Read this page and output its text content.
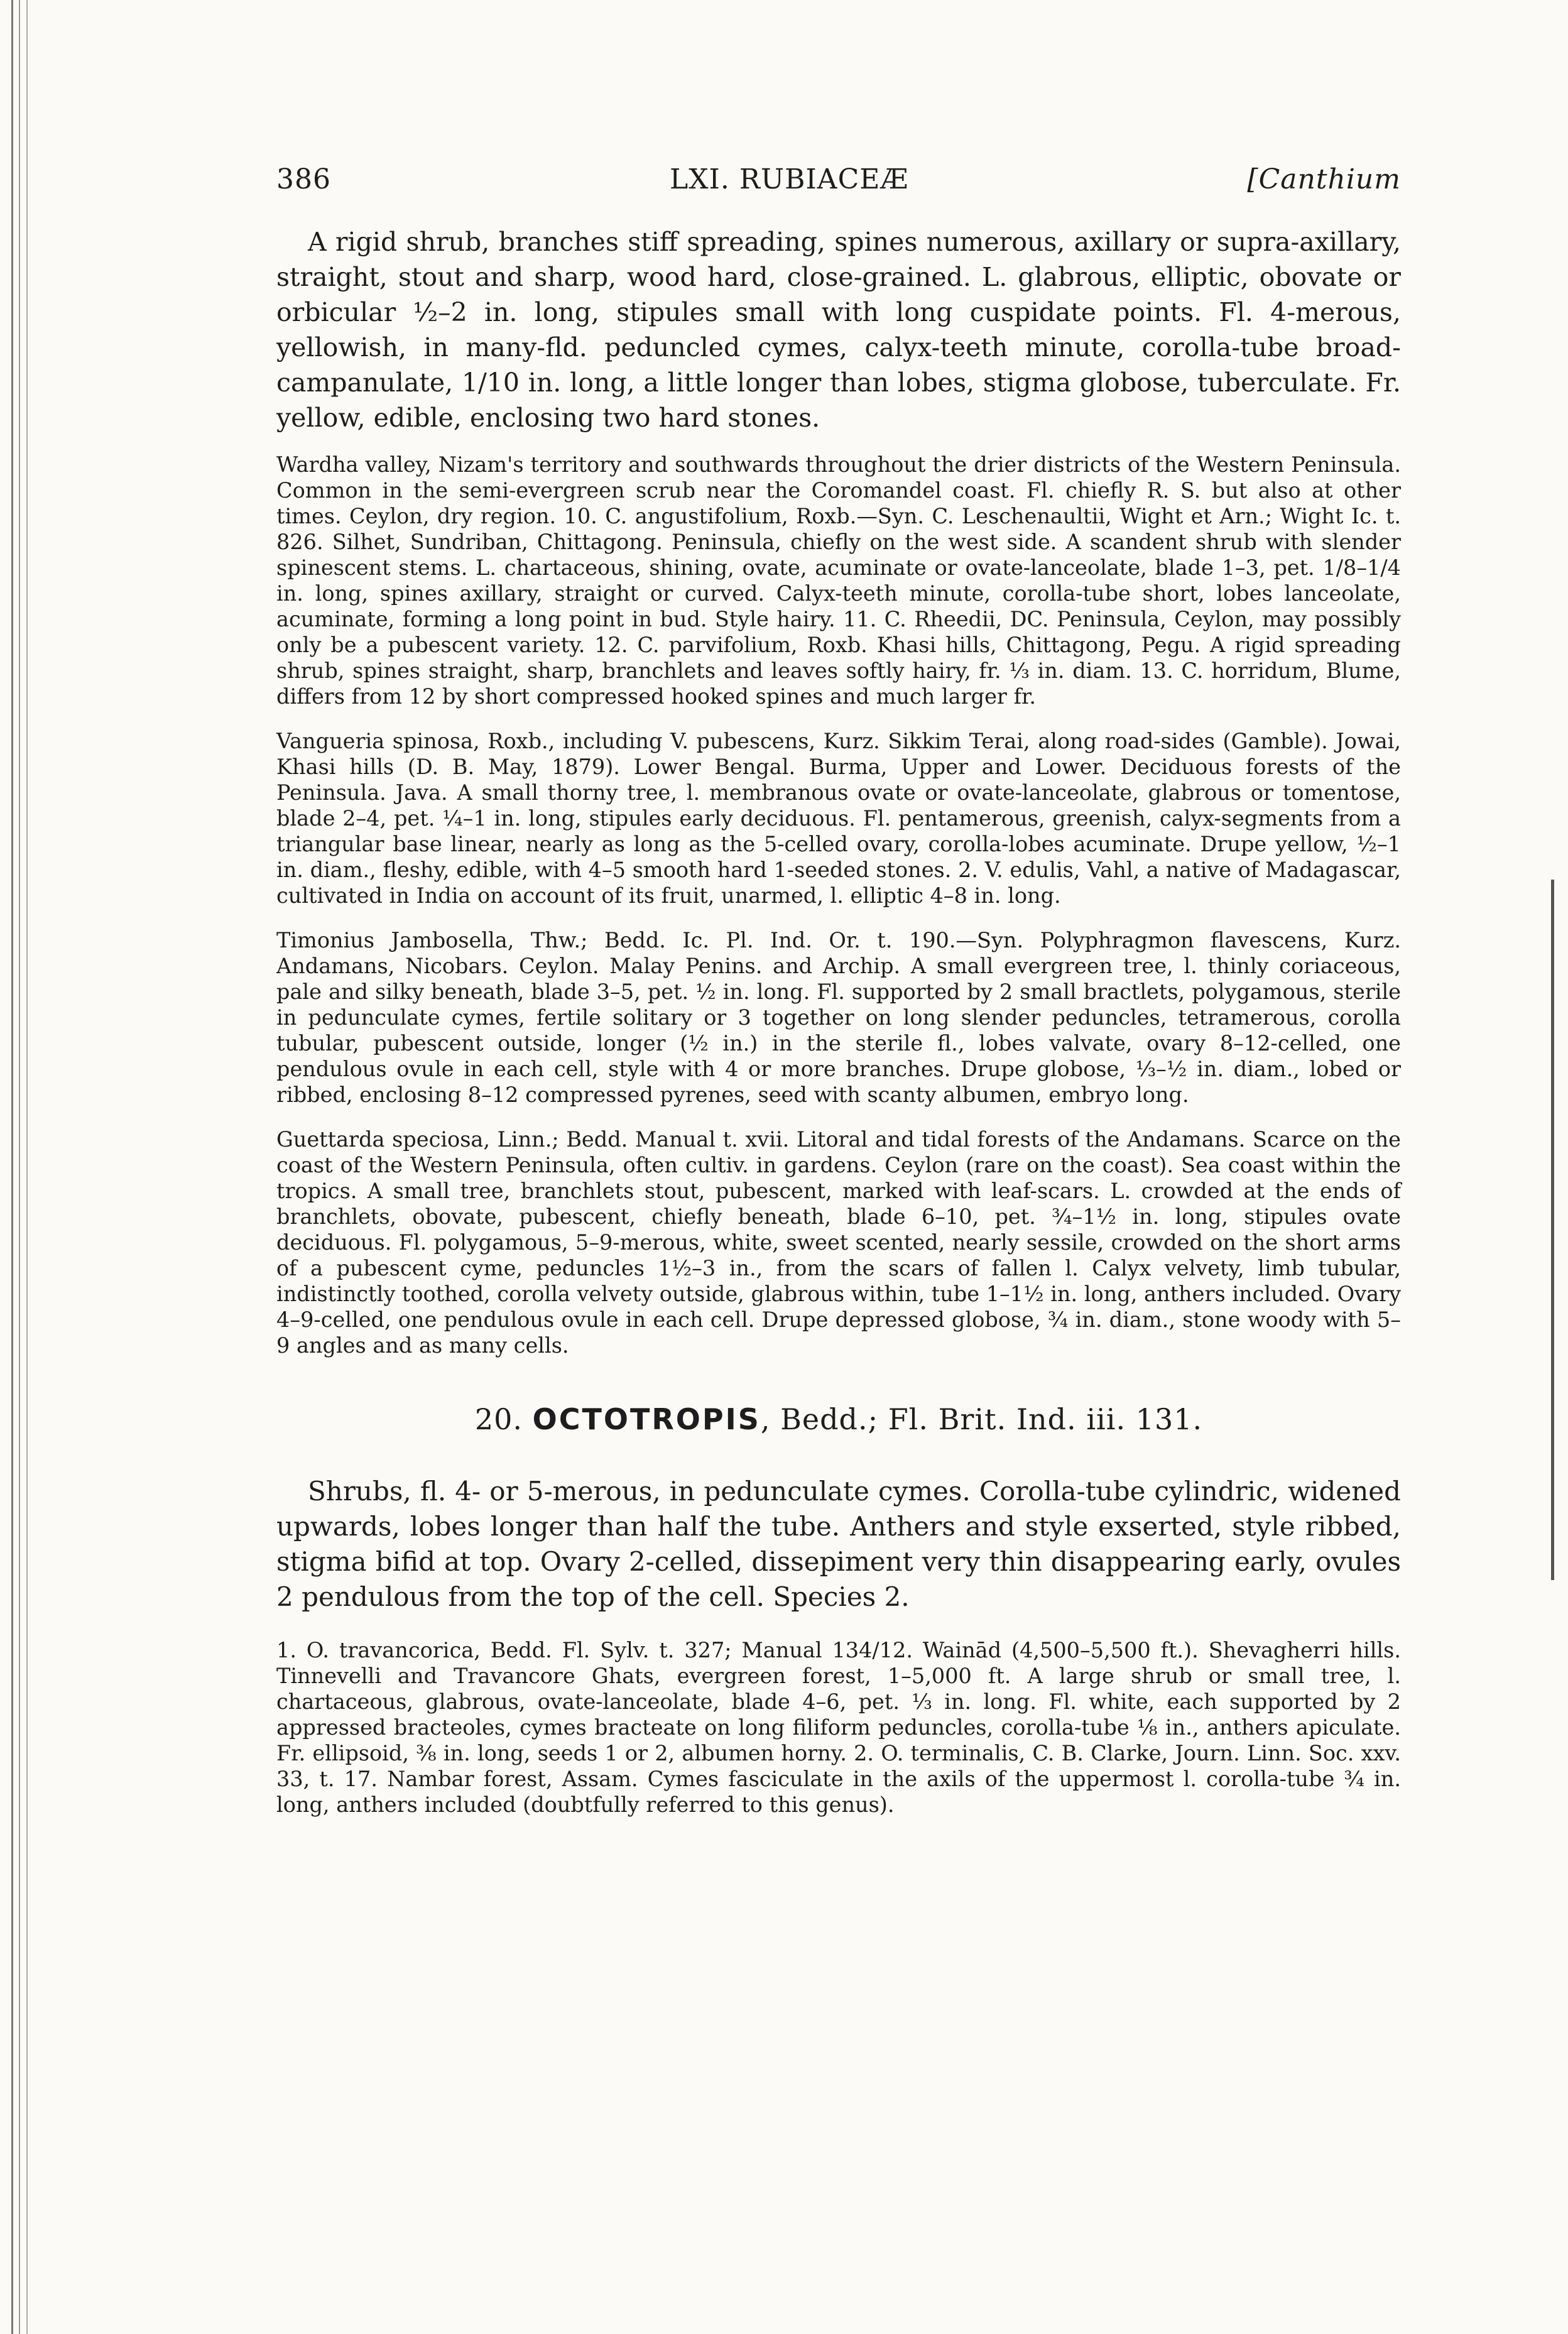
386	LXI. RUBIACEÆ	[Canthium

A rigid shrub, branches stiff spreading, spines numerous, axillary or supra-axillary, straight, stout and sharp, wood hard, close-grained. L. glabrous, elliptic, obovate or orbicular ½–2 in. long, stipules small with long cuspidate points. Fl. 4-merous, yellowish, in many-fld. peduncled cymes, calyx-teeth minute, corolla-tube broad-campanulate, 1/10 in. long, a little longer than lobes, stigma globose, tuberculate. Fr. yellow, edible, enclosing two hard stones.

Wardha valley, Nizam's territory and southwards throughout the drier districts of the Western Peninsula. Common in the semi-evergreen scrub near the Coromandel coast. Fl. chiefly R. S. but also at other times. Ceylon, dry region. 10. C. angustifolium, Roxb.—Syn. C. Leschenaultii, Wight et Arn.; Wight Ic. t. 826. Silhet, Sundriban, Chittagong. Peninsula, chiefly on the west side. A scandent shrub with slender spinescent stems. L. chartaceous, shining, ovate, acuminate or ovate-lanceolate, blade 1–3, pet. 1/8–1/4 in. long, spines axillary, straight or curved. Calyx-teeth minute, corolla-tube short, lobes lanceolate, acuminate, forming a long point in bud. Style hairy. 11. C. Rheedii, DC. Peninsula, Ceylon, may possibly only be a pubescent variety. 12. C. parvifolium, Roxb. Khasi hills, Chittagong, Pegu. A rigid spreading shrub, spines straight, sharp, branchlets and leaves softly hairy, fr. ⅓ in. diam. 13. C. horridum, Blume, differs from 12 by short compressed hooked spines and much larger fr.

Vangueria spinosa, Roxb., including V. pubescens, Kurz. Sikkim Terai, along road-sides (Gamble). Jowai, Khasi hills (D. B. May, 1879). Lower Bengal. Burma, Upper and Lower. Deciduous forests of the Peninsula. Java. A small thorny tree, l. membranous ovate or ovate-lanceolate, glabrous or tomentose, blade 2–4, pet. ¼–1 in. long, stipules early deciduous. Fl. pentamerous, greenish, calyx-segments from a triangular base linear, nearly as long as the 5-celled ovary, corolla-lobes acuminate. Drupe yellow, ½–1 in. diam., fleshy, edible, with 4–5 smooth hard 1-seeded stones. 2. V. edulis, Vahl, a native of Madagascar, cultivated in India on account of its fruit, unarmed, l. elliptic 4–8 in. long.

Timonius Jambosella, Thw.; Bedd. Ic. Pl. Ind. Or. t. 190.—Syn. Polyphragmon flavescens, Kurz. Andamans, Nicobars. Ceylon. Malay Penins. and Archip. A small evergreen tree, l. thinly coriaceous, pale and silky beneath, blade 3–5, pet. ½ in. long. Fl. supported by 2 small bractlets, polygamous, sterile in pedunculate cymes, fertile solitary or 3 together on long slender peduncles, tetramerous, corolla tubular, pubescent outside, longer (½ in.) in the sterile fl., lobes valvate, ovary 8–12-celled, one pendulous ovule in each cell, style with 4 or more branches. Drupe globose, ⅓–½ in. diam., lobed or ribbed, enclosing 8–12 compressed pyrenes, seed with scanty albumen, embryo long.

Guettarda speciosa, Linn.; Bedd. Manual t. xvii. Litoral and tidal forests of the Andamans. Scarce on the coast of the Western Peninsula, often cultiv. in gardens. Ceylon (rare on the coast). Sea coast within the tropics. A small tree, branchlets stout, pubescent, marked with leaf-scars. L. crowded at the ends of branchlets, obovate, pubescent, chiefly beneath, blade 6–10, pet. ¾–1½ in. long, stipules ovate deciduous. Fl. polygamous, 5–9-merous, white, sweet scented, nearly sessile, crowded on the short arms of a pubescent cyme, peduncles 1½–3 in., from the scars of fallen l. Calyx velvety, limb tubular, indistinctly toothed, corolla velvety outside, glabrous within, tube 1–1½ in. long, anthers included. Ovary 4–9-celled, one pendulous ovule in each cell. Drupe depressed globose, ¾ in. diam., stone woody with 5–9 angles and as many cells.

20. OCTOTROPIS, Bedd.; Fl. Brit. Ind. iii. 131.

Shrubs, fl. 4- or 5-merous, in pedunculate cymes. Corolla-tube cylindric, widened upwards, lobes longer than half the tube. Anthers and style exserted, style ribbed, stigma bifid at top. Ovary 2-celled, dissepiment very thin disappearing early, ovules 2 pendulous from the top of the cell. Species 2.

1. O. travancorica, Bedd. Fl. Sylv. t. 327; Manual 134/12. Wainād (4,500–5,500 ft.). Shevagherri hills. Tinnevelli and Travancore Ghats, evergreen forest, 1–5,000 ft. A large shrub or small tree, l. chartaceous, glabrous, ovate-lanceolate, blade 4–6, pet. ⅓ in. long. Fl. white, each supported by 2 appressed bracteoles, cymes bracteate on long filiform peduncles, corolla-tube ⅛ in., anthers apiculate. Fr. ellipsoid, ⅜ in. long, seeds 1 or 2, albumen horny. 2. O. terminalis, C. B. Clarke, Journ. Linn. Soc. xxv. 33, t. 17. Nambar forest, Assam. Cymes fasciculate in the axils of the uppermost l. corolla-tube ¾ in. long, anthers included (doubtfully referred to this genus).
